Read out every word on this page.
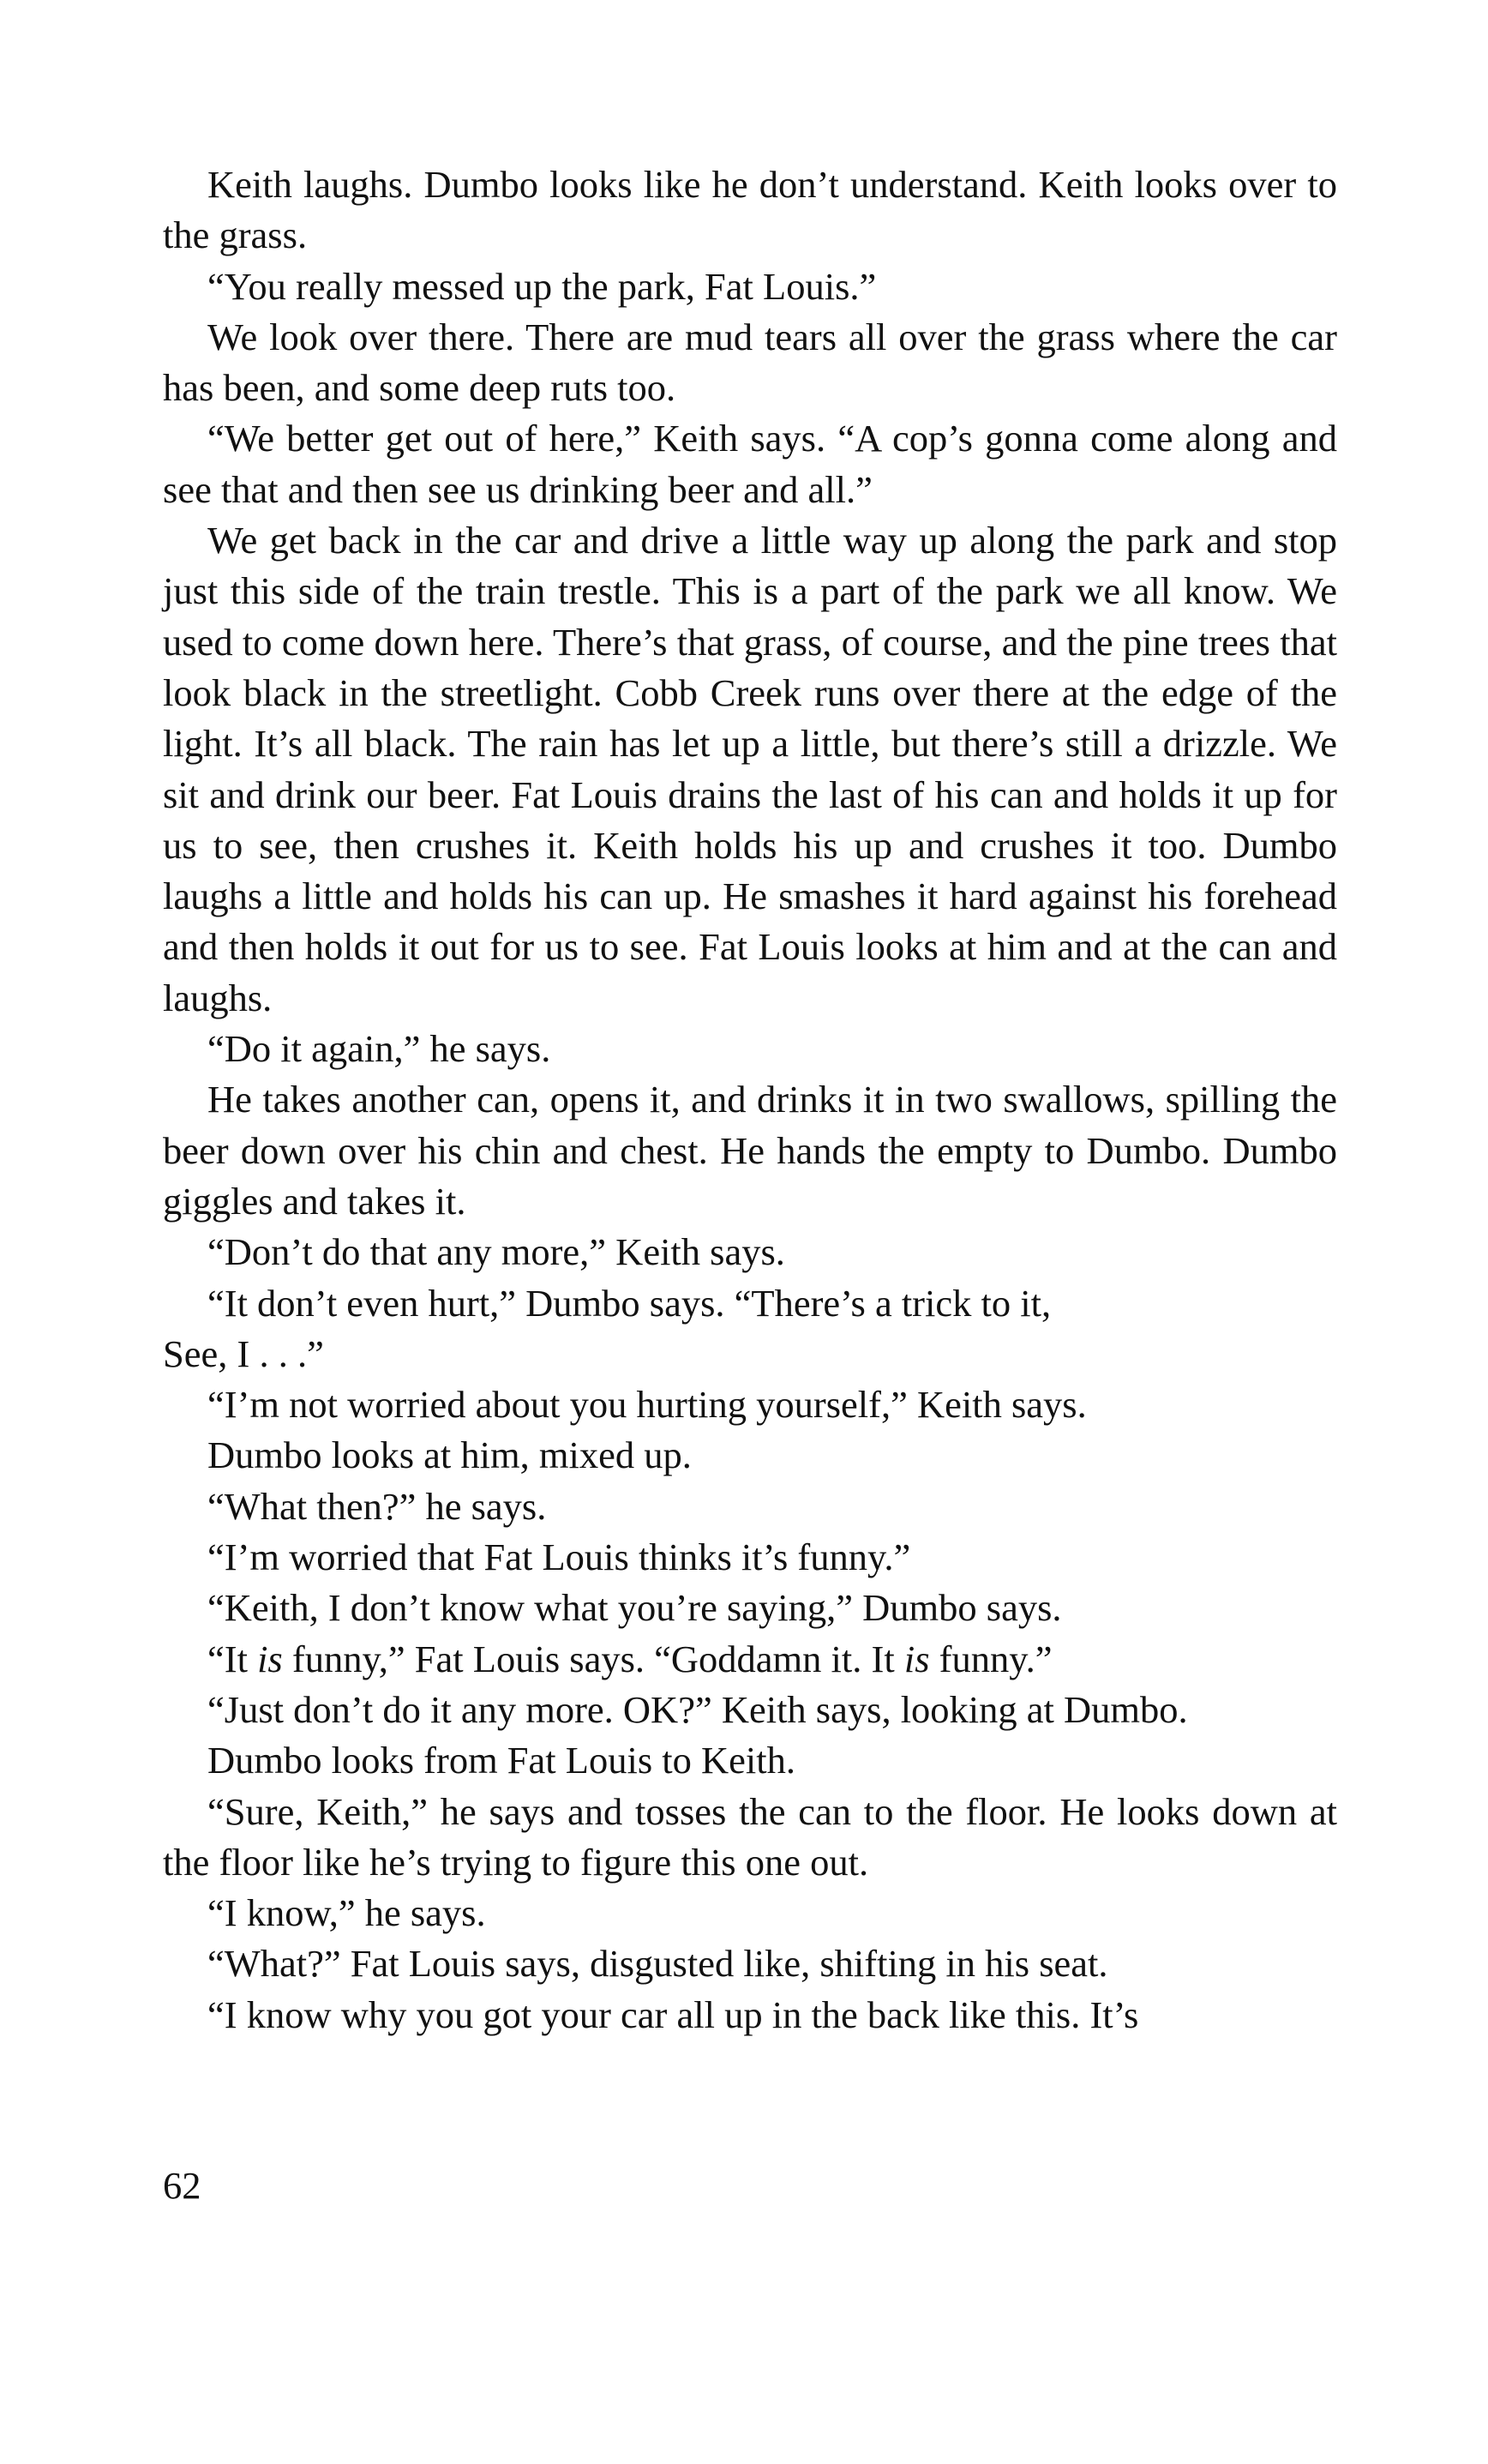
Keith laughs. Dumbo looks like he don’t understand. Keith looks over to the grass.

“You really messed up the park, Fat Louis.”

We look over there. There are mud tears all over the grass where the car has been, and some deep ruts too.

“We better get out of here,” Keith says. “A cop’s gonna come along and see that and then see us drinking beer and all.”

We get back in the car and drive a little way up along the park and stop just this side of the train trestle. This is a part of the park we all know. We used to come down here. There’s that grass, of course, and the pine trees that look black in the streetlight. Cobb Creek runs over there at the edge of the light. It’s all black. The rain has let up a little, but there’s still a drizzle. We sit and drink our beer. Fat Louis drains the last of his can and holds it up for us to see, then crushes it. Keith holds his up and crushes it too. Dumbo laughs a little and holds his can up. He smashes it hard against his forehead and then holds it out for us to see. Fat Louis looks at him and at the can and laughs.

“Do it again,” he says.

He takes another can, opens it, and drinks it in two swallows, spilling the beer down over his chin and chest. He hands the empty to Dumbo. Dumbo giggles and takes it.

“Don’t do that any more,” Keith says.

“It don’t even hurt,” Dumbo says. “There’s a trick to it,

See, I . . .”

“I’m not worried about you hurting yourself,” Keith says.

Dumbo looks at him, mixed up.

“What then?” he says.

“I’m worried that Fat Louis thinks it’s funny.”

“Keith, I don’t know what you’re saying,” Dumbo says.

“It is funny,” Fat Louis says. “Goddamn it. It is funny.”

“Just don’t do it any more. OK?” Keith says, looking at Dumbo.

Dumbo looks from Fat Louis to Keith.

“Sure, Keith,” he says and tosses the can to the floor. He looks down at the floor like he’s trying to figure this one out.

“I know,” he says.

“What?” Fat Louis says, disgusted like, shifting in his seat.

“I know why you got your car all up in the back like this. It’s

62
